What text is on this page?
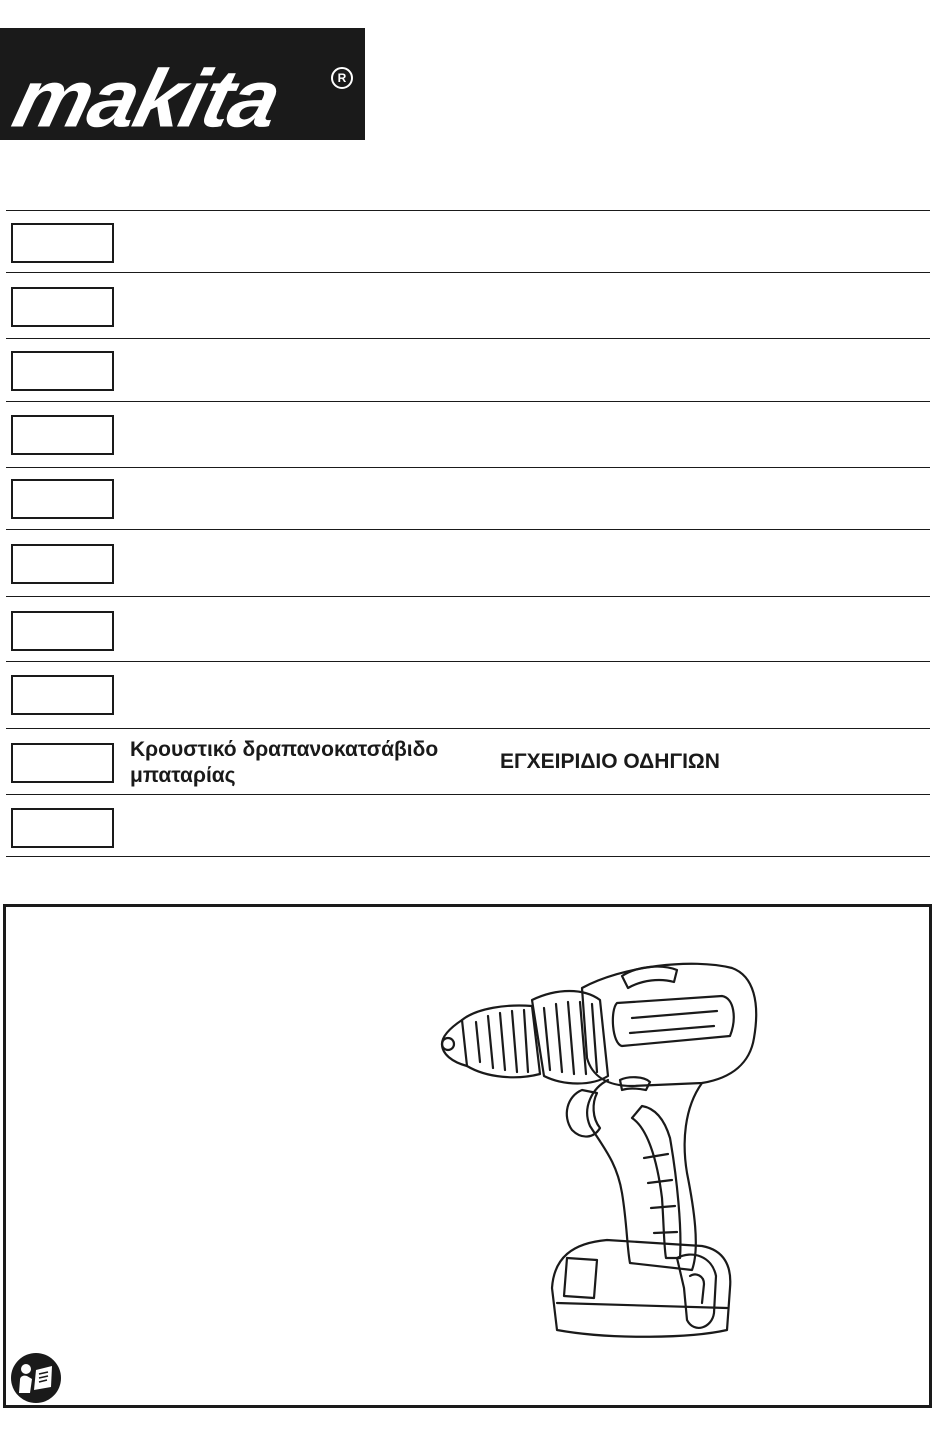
makita	R
Κρουστικό δραπανοκατσάβιδο
μπαταρίας
ΕΓΧΕΙΡΙΔΙΟ ΟΔΗΓΙΩΝ
